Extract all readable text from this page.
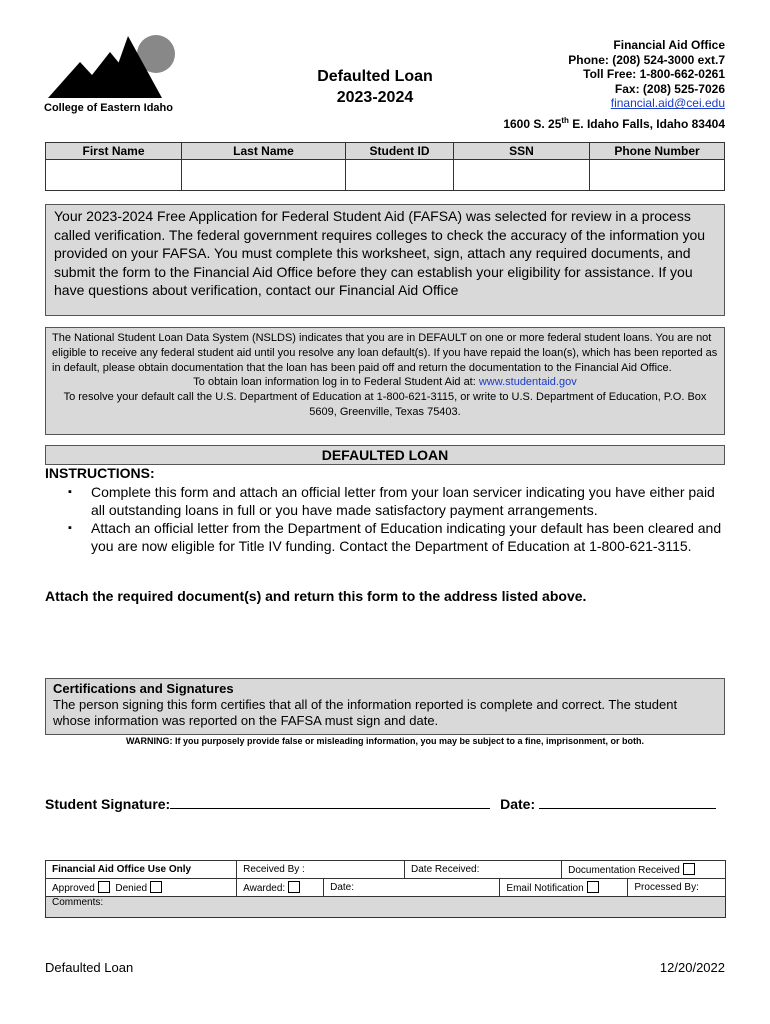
College of Eastern Idaho
Defaulted Loan
2023-2024
Financial Aid Office
Phone: (208) 524-3000 ext.7
Toll Free: 1-800-662-0261
Fax: (208) 525-7026
financial.aid@cei.edu
1600 S. 25th E. Idaho Falls, Idaho 83404
First Name	Last Name	Student ID	SSN	Phone Number

Your 2023-2024 Free Application for Federal Student Aid (FAFSA) was selected for review in a process called verification. The federal government requires colleges to check the accuracy of the information you provided on your FAFSA. You must complete this worksheet, sign, attach any required documents, and submit the form to the Financial Aid Office before they can establish your eligibility for assistance. If you have questions about verification, contact our Financial Aid Office
The National Student Loan Data System (NSLDS) indicates that you are in DEFAULT on one or more federal student loans. You are not eligible to receive any federal student aid until you resolve any loan default(s). If you have repaid the loan(s), which has been reported as in default, please obtain documentation that the loan has been paid off and return the documentation to the Financial Aid Office.
To obtain loan information log in to Federal Student Aid at: www.studentaid.gov
To resolve your default call the U.S. Department of Education at 1-800-621-3115, or write to U.S. Department of Education, P.O. Box 5609, Greenville, Texas 75403.
DEFAULTED LOAN
INSTRUCTIONS:
▪ Complete this form and attach an official letter from your loan servicer indicating you have either paid all outstanding loans in full or you have made satisfactory payment arrangements.
▪ Attach an official letter from the Department of Education indicating your default has been cleared and you are now eligible for Title IV funding. Contact the Department of Education at 1-800-621-3115.
Attach the required document(s) and return this form to the address listed above.
Certifications and Signatures
The person signing this form certifies that all of the information reported is complete and correct. The student whose information was reported on the FAFSA must sign and date.
WARNING: If you purposely provide false or misleading information, you may be subject to a fine, imprisonment, or both.
Student Signature:	Date:
Financial Aid Office Use Only	Received By :		Date Received:		Documentation Received	
Approved Denied	Awarded:	Date:		Email Notification		Processed By:
Comments:						
Defaulted Loan	12/20/2022
